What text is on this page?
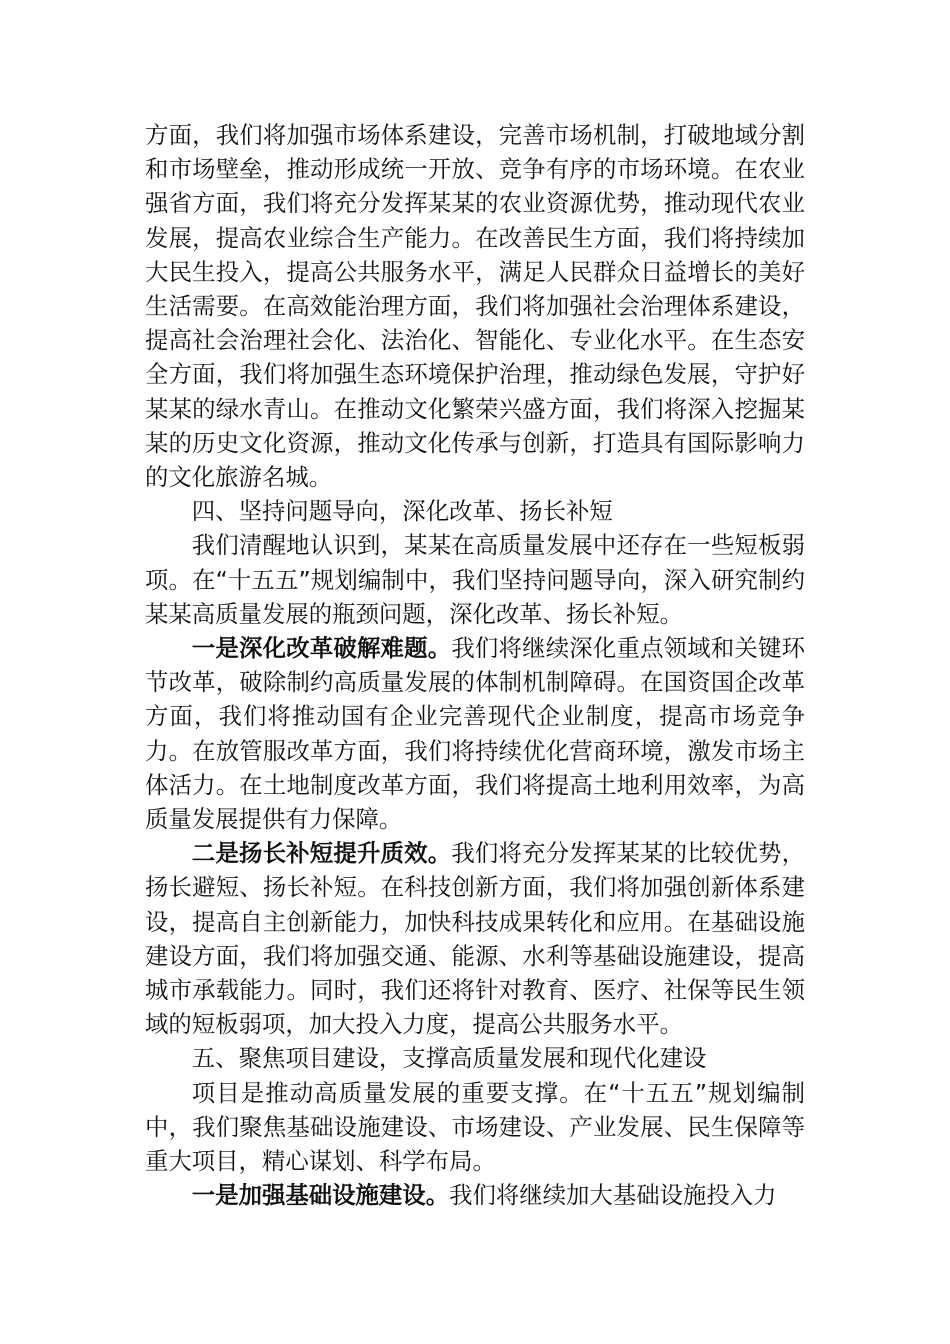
方面，我们将加强市场体系建设，完善市场机制，打破地域分割和市场壁垒，推动形成统一开放、竞争有序的市场环境。在农业强省方面，我们将充分发挥某某的农业资源优势，推动现代农业发展，提高农业综合生产能力。在改善民生方面，我们将持续加大民生投入，提高公共服务水平，满足人民群众日益增长的美好生活需要。在高效能治理方面，我们将加强社会治理体系建设，提高社会治理社会化、法治化、智能化、专业化水平。在生态安全方面，我们将加强生态环境保护治理，推动绿色发展，守护好某某的绿水青山。在推动文化繁荣兴盛方面，我们将深入挖掘某某的历史文化资源，推动文化传承与创新，打造具有国际影响力的文化旅游名城。

四、坚持问题导向，深化改革、扬长补短

我们清醒地认识到，某某在高质量发展中还存在一些短板弱项。在“十五五”规划编制中，我们坚持问题导向，深入研究制约某某高质量发展的瓶颈问题，深化改革、扬长补短。

一是深化改革破解难题。我们将继续深化重点领域和关键环节改革，破除制约高质量发展的体制机制障碍。在国资国企改革方面，我们将推动国有企业完善现代企业制度，提高市场竞争力。在放管服改革方面，我们将持续优化营商环境，激发市场主体活力。在土地制度改革方面，我们将提高土地利用效率，为高质量发展提供有力保障。

二是扬长补短提升质效。我们将充分发挥某某的比较优势，扬长避短、扬长补短。在科技创新方面，我们将加强创新体系建设，提高自主创新能力，加快科技成果转化和应用。在基础设施建设方面，我们将加强交通、能源、水利等基础设施建设，提高城市承载能力。同时，我们还将针对教育、医疗、社保等民生领域的短板弱项，加大投入力度，提高公共服务水平。

五、聚焦项目建设，支撑高质量发展和现代化建设

项目是推动高质量发展的重要支撑。在“十五五”规划编制中，我们聚焦基础设施建设、市场建设、产业发展、民生保障等重大项目，精心谋划、科学布局。

一是加强基础设施建设。我们将继续加大基础设施投入力
